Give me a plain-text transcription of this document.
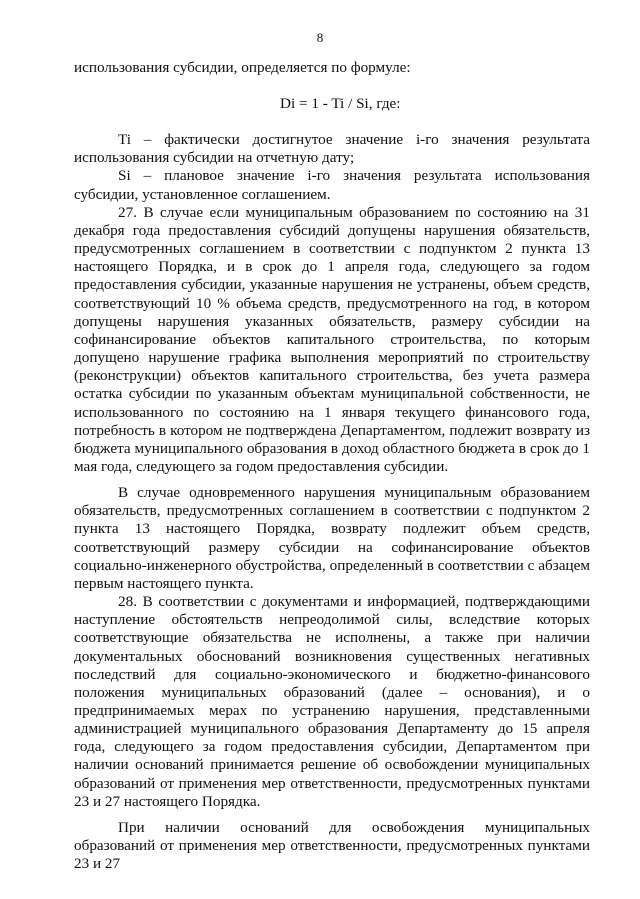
8

использования субсидии, определяется по формуле:

Di = 1 - Ti / Si, где:

Ti – фактически достигнутое значение i-го значения результата использования субсидии на отчетную дату;

Si – плановое значение i-го значения результата использования субсидии, установленное соглашением.

27. В случае если муниципальным образованием по состоянию на 31 декабря года предоставления субсидий допущены нарушения обязательств, предусмотренных соглашением в соответствии с подпунктом 2 пункта 13 настоящего Порядка, и в срок до 1 апреля года, следующего за годом предоставления субсидии, указанные нарушения не устранены, объем средств, соответствующий 10 % объема средств, предусмотренного на год, в котором допущены нарушения указанных обязательств, размеру субсидии на софинансирование объектов капитального строительства, по которым допущено нарушение графика выполнения мероприятий по строительству (реконструкции) объектов капитального строительства, без учета размера остатка субсидии по указанным объектам муниципальной собственности, не использованного по состоянию на 1 января текущего финансового года, потребность в котором не подтверждена Департаментом, подлежит возврату из бюджета муниципального образования в доход областного бюджета в срок до 1 мая года, следующего за годом предоставления субсидии.

В случае одновременного нарушения муниципальным образованием обязательств, предусмотренных соглашением в соответствии с подпунктом 2 пункта 13 настоящего Порядка, возврату подлежит объем средств, соответствующий размеру субсидии на софинансирование объектов социально-инженерного обустройства, определенный в соответствии с абзацем первым настоящего пункта.

28. В соответствии с документами и информацией, подтверждающими наступление обстоятельств непреодолимой силы, вследствие которых соответствующие обязательства не исполнены, а также при наличии документальных обоснований возникновения существенных негативных последствий для социально-экономического и бюджетно-финансового положения муниципальных образований (далее – основания), и о предпринимаемых мерах по устранению нарушения, представленными администрацией муниципального образования Департаменту до 15 апреля года, следующего за годом предоставления субсидии, Департаментом при наличии оснований принимается решение об освобождении муниципальных образований от применения мер ответственности, предусмотренных пунктами 23 и 27 настоящего Порядка.

При наличии оснований для освобождения муниципальных образований от применения мер ответственности, предусмотренных пунктами 23 и 27
